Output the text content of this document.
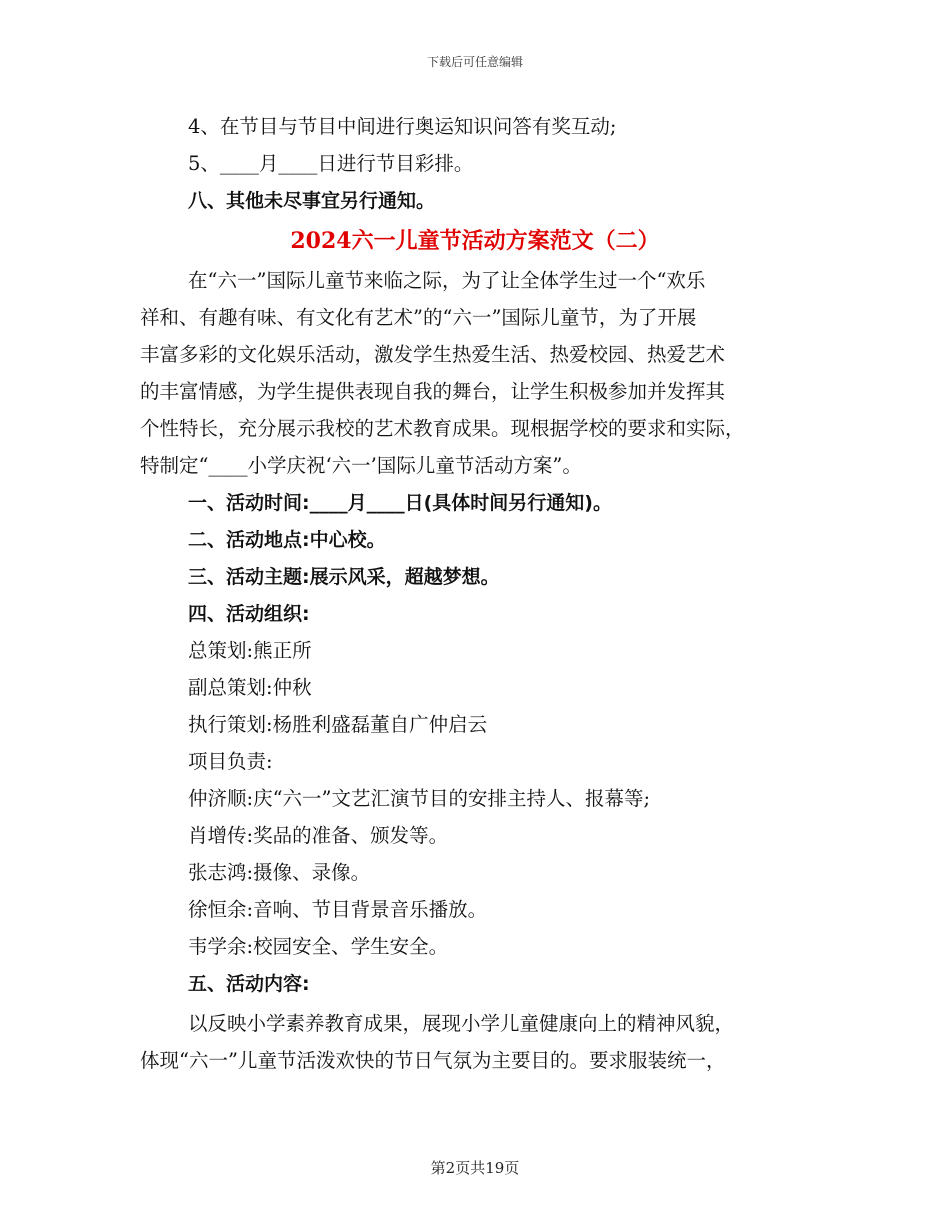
下载后可任意编辑
4、在节目与节目中间进行奥运知识问答有奖互动;
5、____月____日进行节目彩排。
八、其他未尽事宜另行通知。
2024六一儿童节活动方案范文（二）
在“六一”国际儿童节来临之际，为了让全体学生过一个“欢乐
祥和、有趣有味、有文化有艺术”的“六一”国际儿童节，为了开展
丰富多彩的文化娱乐活动，激发学生热爱生活、热爱校园、热爱艺术
的丰富情感，为学生提供表现自我的舞台，让学生积极参加并发挥其
个性特长，充分展示我校的艺术教育成果。现根据学校的要求和实际，
特制定“____小学庆祝‘六一’国际儿童节活动方案”。
一、活动时间:____月____日(具体时间另行通知)。
二、活动地点:中心校。
三、活动主题:展示风采，超越梦想。
四、活动组织:
总策划:熊正所
副总策划:仲秋
执行策划:杨胜利盛磊董自广仲启云
项目负责:
仲济顺:庆“六一”文艺汇演节目的安排主持人、报幕等;
肖增传:奖品的准备、颁发等。
张志鸿:摄像、录像。
徐恒余:音响、节目背景音乐播放。
韦学余:校园安全、学生安全。
五、活动内容:
以反映小学素养教育成果，展现小学儿童健康向上的精神风貌，
体现“六一”儿童节活泼欢快的节日气氛为主要目的。要求服装统一，
第2页共19页
